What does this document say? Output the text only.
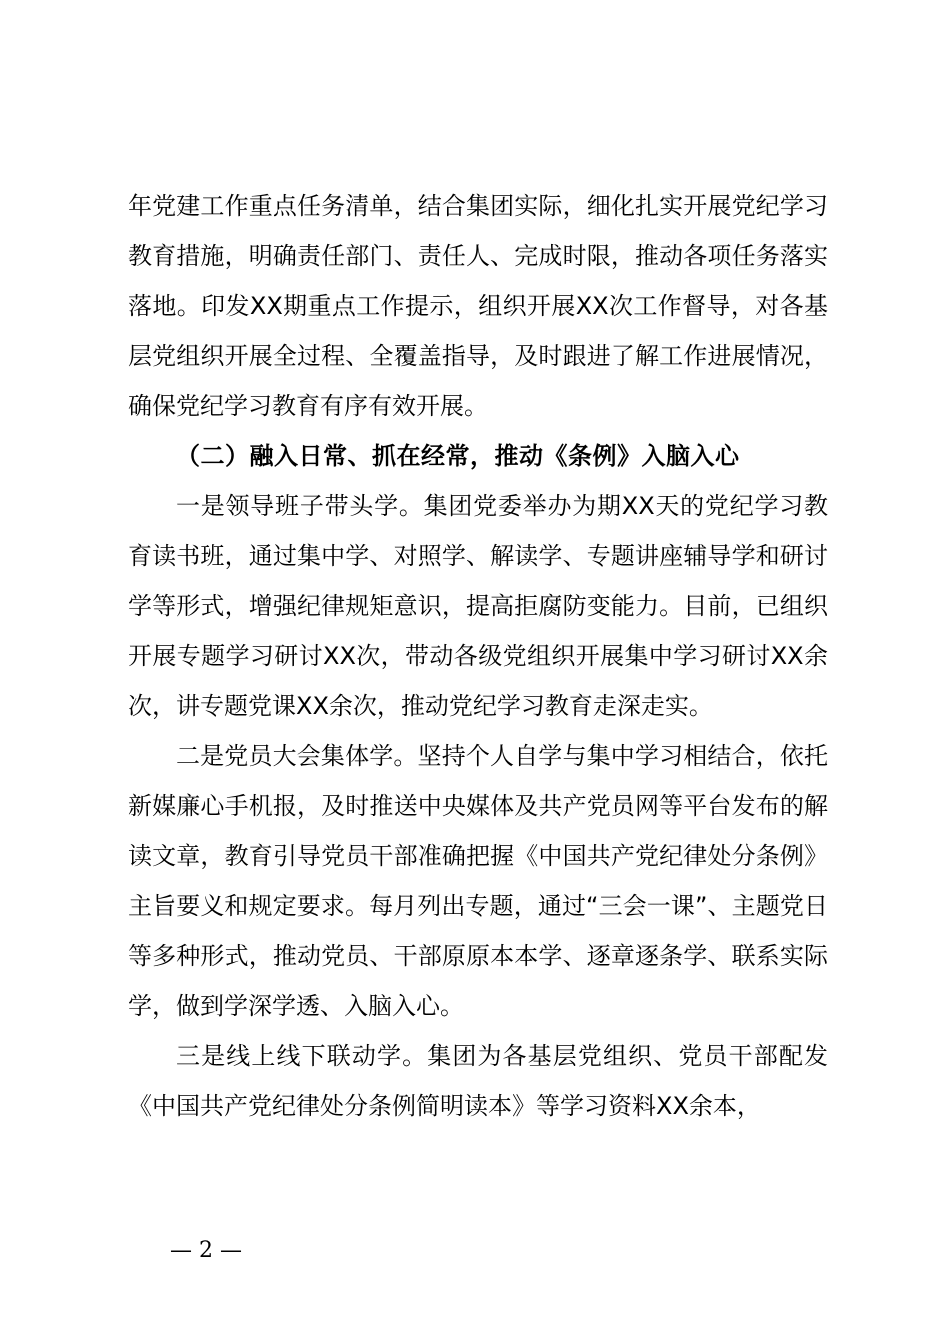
年党建工作重点任务清单，结合集团实际，细化扎实开展党纪学习教育措施，明确责任部门、责任人、完成时限，推动各项任务落实落地。印发XX期重点工作提示，组织开展XX次工作督导，对各基层党组织开展全过程、全覆盖指导，及时跟进了解工作进展情况，确保党纪学习教育有序有效开展。

（二）融入日常、抓在经常，推动《条例》入脑入心

一是领导班子带头学。集团党委举办为期XX天的党纪学习教育读书班，通过集中学、对照学、解读学、专题讲座辅导学和研讨学等形式，增强纪律规矩意识，提高拒腐防变能力。目前，已组织开展专题学习研讨XX次，带动各级党组织开展集中学习研讨XX余次，讲专题党课XX余次，推动党纪学习教育走深走实。

二是党员大会集体学。坚持个人自学与集中学习相结合，依托新媒廉心手机报，及时推送中央媒体及共产党员网等平台发布的解读文章，教育引导党员干部准确把握《中国共产党纪律处分条例》主旨要义和规定要求。每月列出专题，通过“三会一课”、主题党日等多种形式，推动党员、干部原原本本学、逐章逐条学、联系实际学，做到学深学透、入脑入心。

三是线上线下联动学。集团为各基层党组织、党员干部配发《中国共产党纪律处分条例简明读本》等学习资料XX余本，

— 2 —
